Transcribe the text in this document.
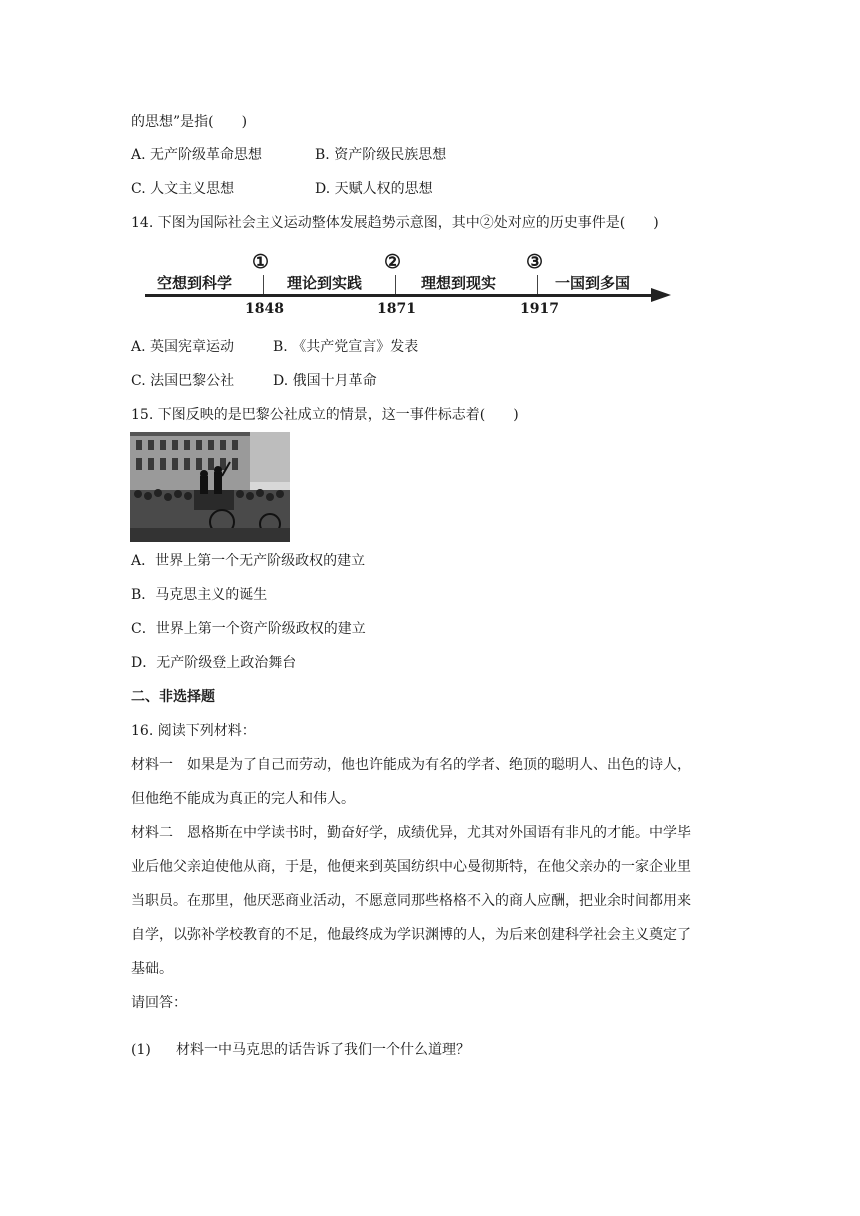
的思想”是指( )
A. 无产阶级革命思想	B. 资产阶级民族思想
C. 人文主义思想	D. 天赋人权的思想
14. 下图为国际社会主义运动整体发展趋势示意图，其中②处对应的历史事件是( )
空想到科学	理论到实践	理想到现实	一国到多国
①	②	③
1848	1871	1917
A. 英国宪章运动	B. 《共产党宣言》发表
C. 法国巴黎公社	D. 俄国十月革命
15. 下图反映的是巴黎公社成立的情景，这一事件标志着( )
A．世界上第一个无产阶级政权的建立
B．马克思主义的诞生
C．世界上第一个资产阶级政权的建立
D．无产阶级登上政治舞台
二、非选择题
16. 阅读下列材料：
材料一　如果是为了自己而劳动，他也许能成为有名的学者、绝顶的聪明人、出色的诗人，
但他绝不能成为真正的完人和伟人。
材料二　恩格斯在中学读书时，勤奋好学，成绩优异，尤其对外国语有非凡的才能。中学毕
业后他父亲迫使他从商，于是，他便来到英国纺织中心曼彻斯特，在他父亲办的一家企业里
当职员。在那里，他厌恶商业活动，不愿意同那些格格不入的商人应酬，把业余时间都用来
自学，以弥补学校教育的不足，他最终成为学识渊博的人，为后来创建科学社会主义奠定了
基础。
请回答：
(1) 材料一中马克思的话告诉了我们一个什么道理？
